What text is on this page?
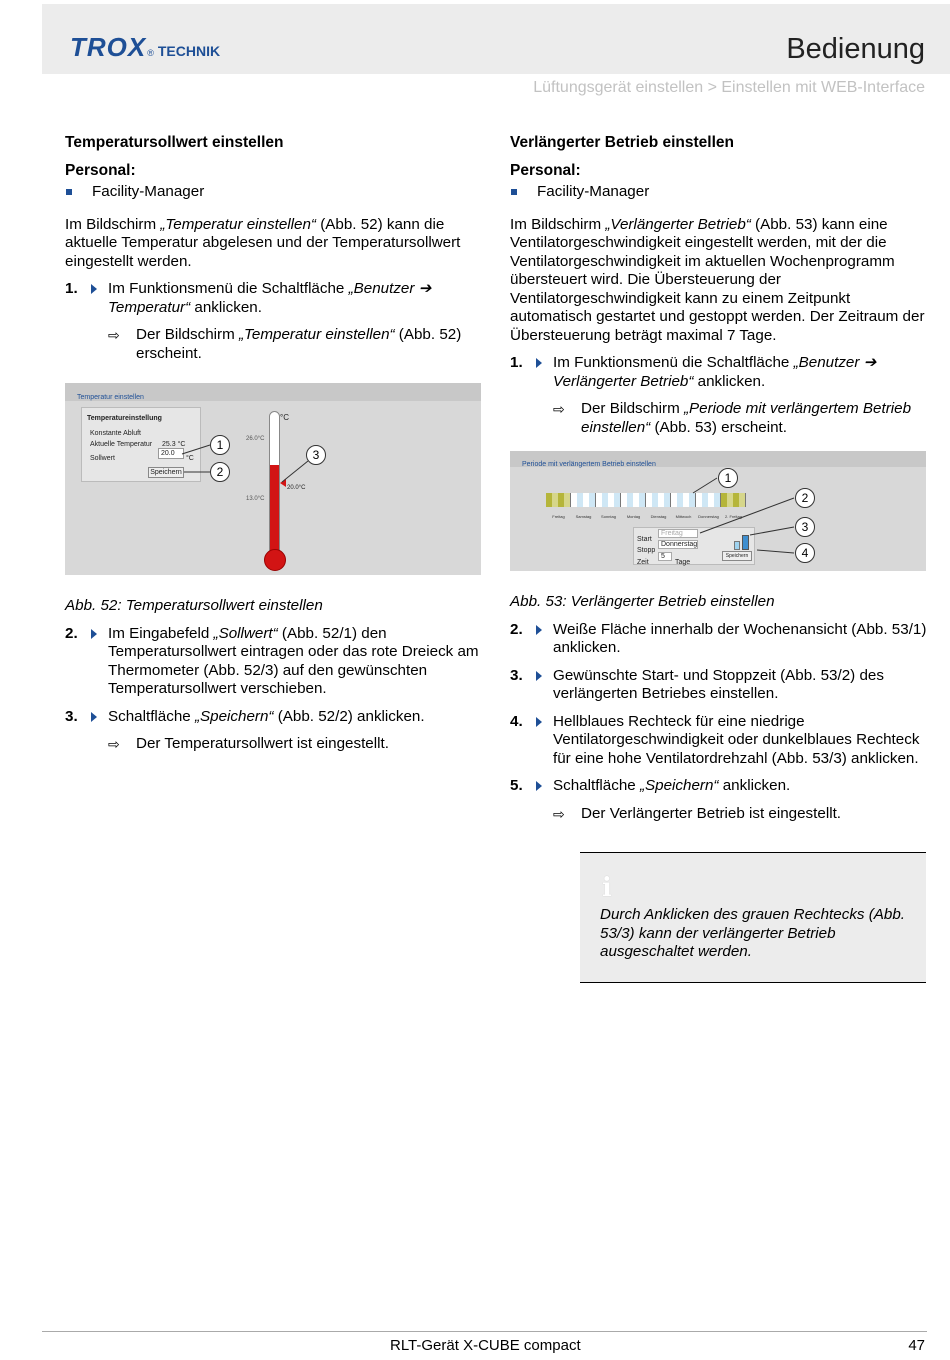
TROX ® TECHNIK	Bedienung
Lüftungsgerät einstellen > Einstellen mit WEB-Interface
Temperatursollwert einstellen
Personal:
Facility-Manager

Im Bildschirm „Temperatur einstellen“ (Abb. 52) kann die aktuelle Temperatur abgelesen und der Temperatursollwert eingestellt werden.

1.	Im Funktionsmenü die Schaltfläche „Benutzer ➔ Temperatur“ anklicken.
⇨	Der Bildschirm „Temperatur einstellen“ (Abb. 52) erscheint.
Temperatur einstellen
Temperatureinstellung
Konstante Abluft
Aktuelle Temperatur 25.3 °C
Sollwert
20.0
°C
Speichern
°C
26.0°C
13.0°C
20.0°C
1
2
3
Abb. 52: Temperatursollwert einstellen
2.	Im Eingabefeld „Sollwert“ (Abb. 52/1) den Temperatursollwert eintragen oder das rote Dreieck am Thermometer (Abb. 52/3) auf den gewünschten Temperatursollwert verschieben.
3.	Schaltfläche „Speichern“ (Abb. 52/2) anklicken.
⇨	Der Temperatursollwert ist eingestellt.
Verlängerter Betrieb einstellen
Personal:
Facility-Manager

Im Bildschirm „Verlängerter Betrieb“ (Abb. 53) kann eine Ventilatorgeschwindigkeit eingestellt werden, mit der die Ventilatorgeschwindigkeit im aktuellen Wochenprogramm übersteuert wird. Die Übersteuerung der Ventilatorgeschwindigkeit kann zu einem Zeitpunkt automatisch gestartet und gestoppt werden. Der Zeitraum der Übersteuerung beträgt maximal 7 Tage.

1.	Im Funktionsmenü die Schaltfläche „Benutzer ➔ Verlängerter Betrieb“ anklicken.
⇨	Der Bildschirm „Periode mit verlängertem Betrieb einstellen“ (Abb. 53) erscheint.
Periode mit verlängertem Betrieb einstellen
Freitag	Samstag	Sonntag	Montag	Dienstag	Mittwoch	Donnerstag	2. Freitag
Start
Freitag
Stopp
Donnerstag
Zeit
5
Tage
Speichern
1
2
3
4
Abb. 53: Verlängerter Betrieb einstellen
2.	Weiße Fläche innerhalb der Wochenansicht (Abb. 53/1) anklicken.
3.	Gewünschte Start- und Stoppzeit (Abb. 53/2) des verlängerten Betriebes einstellen.
4.	Hellblaues Rechteck für eine niedrige Ventilatorgeschwindigkeit oder dunkelblaues Rechteck für eine hohe Ventilatordrehzahl (Abb. 53/3) anklicken.
5.	Schaltfläche „Speichern“ anklicken.
⇨	Der Verlängerter Betrieb ist eingestellt.
i
Durch Anklicken des grauen Rechtecks (Abb. 53/3) kann der verlängerter Betrieb ausgeschaltet werden.
RLT-Gerät X-CUBE compact	47
